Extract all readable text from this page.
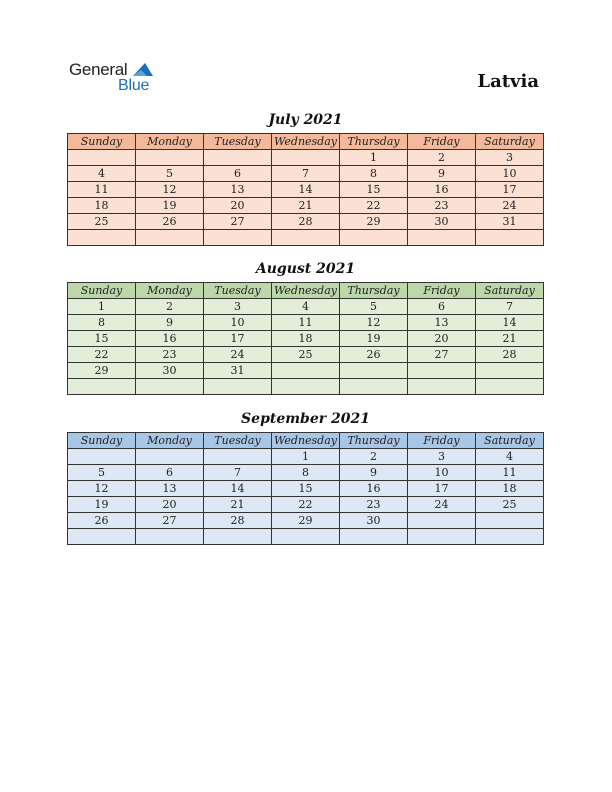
General
Blue	Latvia
July 2021
Sunday	Monday	Tuesday	Wednesday	Thursday	Friday	Saturday
				1	2	3
4	5	6	7	8	9	10
11	12	13	14	15	16	17
18	19	20	21	22	23	24
25	26	27	28	29	30	31

August 2021
Sunday	Monday	Tuesday	Wednesday	Thursday	Friday	Saturday
1	2	3	4	5	6	7
8	9	10	11	12	13	14
15	16	17	18	19	20	21
22	23	24	25	26	27	28
29	30	31				

September 2021
Sunday	Monday	Tuesday	Wednesday	Thursday	Friday	Saturday
			1	2	3	4
5	6	7	8	9	10	11
12	13	14	15	16	17	18
19	20	21	22	23	24	25
26	27	28	29	30		
